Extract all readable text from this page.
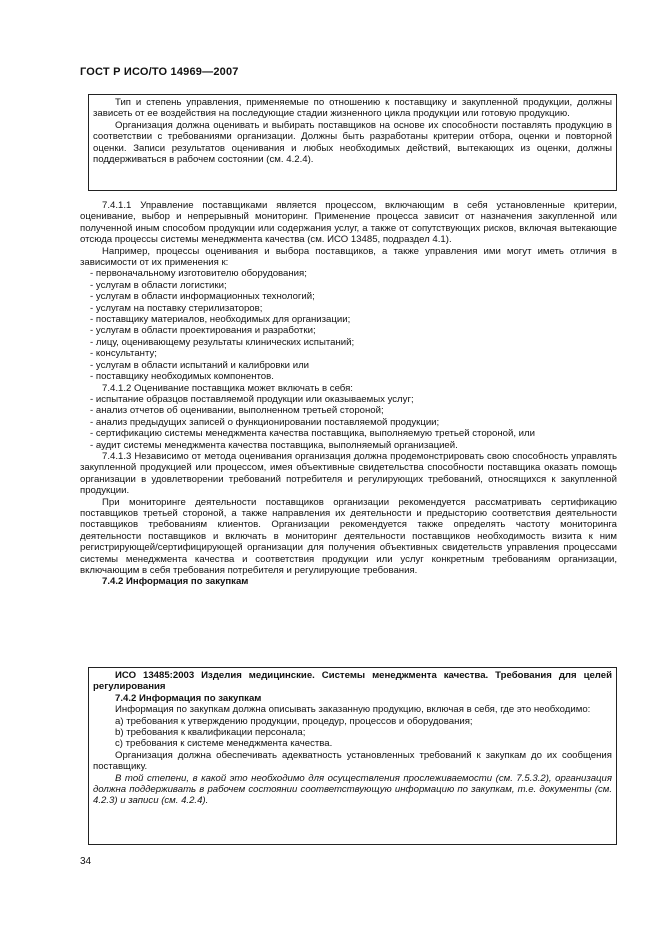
ГОСТ Р ИСО/ТО 14969—2007

Тип и степень управления, применяемые по отношению к поставщику и закупленной продукции, должны зависеть от ее воздействия на последующие стадии жизненного цикла продукции или готовую продукцию.

Организация должна оценивать и выбирать поставщиков на основе их способности поставлять продукцию в соответствии с требованиями организации. Должны быть разработаны критерии отбора, оценки и повторной оценки. Записи результатов оценивания и любых необходимых действий, вытекающих из оценки, должны поддерживаться в рабочем состоянии (см. 4.2.4).

7.4.1.1 Управление поставщиками является процессом, включающим в себя установленные критерии, оценивание, выбор и непрерывный мониторинг. Применение процесса зависит от назначения закупленной или полученной иным способом продукции или содержания услуг, а также от сопутствующих рисков, включая вытекающие отсюда процессы системы менеджмента качества (см. ИСО 13485, подраздел 4.1).

Например, процессы оценивания и выбора поставщиков, а также управления ими могут иметь отличия в зависимости от их применения к:

- первоначальному изготовителю оборудования;
- услугам в области логистики;
- услугам в области информационных технологий;
- услугам на поставку стерилизаторов;
- поставщику материалов, необходимых для организации;
- услугам в области проектирования и разработки;
- лицу, оценивающему результаты клинических испытаний;
- консультанту;
- услугам в области испытаний и калибровки или
- поставщику необходимых компонентов.

7.4.1.2 Оценивание поставщика может включать в себя:

- испытание образцов поставляемой продукции или оказываемых услуг;
- анализ отчетов об оценивании, выполненном третьей стороной;
- анализ предыдущих записей о функционировании поставляемой продукции;
- сертификацию системы менеджмента качества поставщика, выполняемую третьей стороной, или
- аудит системы менеджмента качества поставщика, выполняемый организацией.

7.4.1.3 Независимо от метода оценивания организация должна продемонстрировать свою способность управлять закупленной продукцией или процессом, имея объективные свидетельства способности поставщика оказать помощь организации в удовлетворении требований потребителя и регулирующих требований, относящихся к закупленной продукции.

При мониторинге деятельности поставщиков организации рекомендуется рассматривать сертификацию поставщиков третьей стороной, а также направления их деятельности и предысторию соответствия деятельности поставщиков требованиям клиентов. Организации рекомендуется также определять частоту мониторинга деятельности поставщиков и включать в мониторинг деятельности поставщиков необходимость визита к ним регистрирующей/сертифицирующей организации для получения объективных свидетельств управления процессами системы менеджмента качества и соответствия продукции или услуг конкретным требованиям организации, включающим в себя требования потребителя и регулирующие требования.

7.4.2 Информация по закупкам

ИСО 13485:2003 Изделия медицинские. Системы менеджмента качества. Требования для целей регулирования

7.4.2 Информация по закупкам

Информация по закупкам должна описывать заказанную продукцию, включая в себя, где это необходимо:

a) требования к утверждению продукции, процедур, процессов и оборудования;
b) требования к квалификации персонала;
c) требования к системе менеджмента качества.

Организация должна обеспечивать адекватность установленных требований к закупкам до их сообщения поставщику.

В той степени, в какой это необходимо для осуществления прослеживаемости (см. 7.5.3.2), организация должна поддерживать в рабочем состоянии соответствующую информацию по закупкам, т.е. документы (см. 4.2.3) и записи (см. 4.2.4).

34
